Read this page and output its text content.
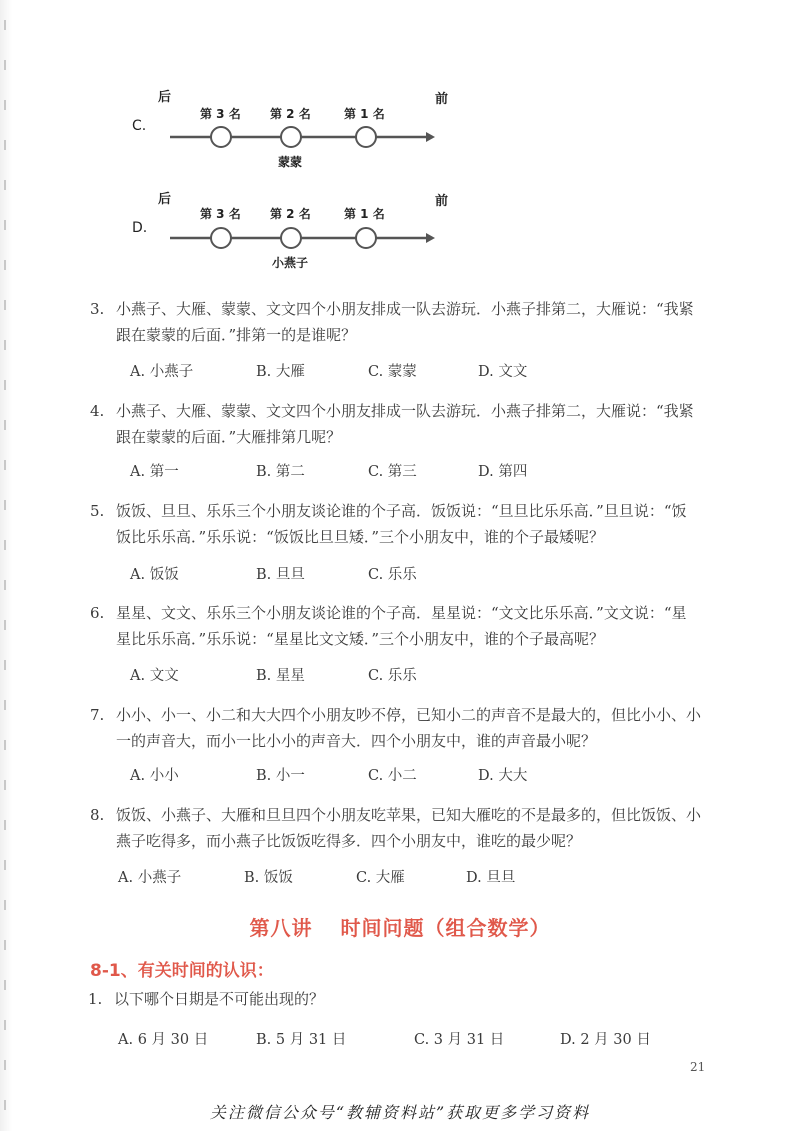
后	前
C.
第 3 名 第 2 名	第 1 名
蒙蒙
后	前
D.
第 3 名 第 2 名	第 1 名
小燕子
3. 小燕子、大雁、蒙蒙、文文四个小朋友排成一队去游玩．小燕子排第二，大雁说：“我紧
跟在蒙蒙的后面．”排第一的是谁呢？
A. 小燕子	B. 大雁	C. 蒙蒙	D. 文文
4. 小燕子、大雁、蒙蒙、文文四个小朋友排成一队去游玩．小燕子排第二，大雁说：“我紧
跟在蒙蒙的后面．”大雁排第几呢？
A. 第一	B. 第二	C. 第三	D. 第四
5. 饭饭、旦旦、乐乐三个小朋友谈论谁的个子高．饭饭说：“旦旦比乐乐高．”旦旦说：“饭
饭比乐乐高．”乐乐说：“饭饭比旦旦矮．”三个小朋友中，谁的个子最矮呢？
A. 饭饭	B. 旦旦	C. 乐乐
6. 星星、文文、乐乐三个小朋友谈论谁的个子高．星星说：“文文比乐乐高．”文文说：“星
星比乐乐高．”乐乐说：“星星比文文矮．”三个小朋友中，谁的个子最高呢？
A. 文文	B. 星星	C. 乐乐
7. 小小、小一、小二和大大四个小朋友吵不停，已知小二的声音不是最大的，但比小小、小
一的声音大，而小一比小小的声音大．四个小朋友中，谁的声音最小呢？
A. 小小	B. 小一	C. 小二	D. 大大
8. 饭饭、小燕子、大雁和旦旦四个小朋友吃苹果，已知大雁吃的不是最多的，但比饭饭、小
燕子吃得多，而小燕子比饭饭吃得多．四个小朋友中，谁吃的最少呢？
A. 小燕子	B. 饭饭	C. 大雁	D. 旦旦
第八讲 时间问题（组合数学）
8-1、有关时间的认识：
1. 以下哪个日期是不可能出现的？
A. 6 月 30 日	B. 5 月 31 日	C. 3 月 31 日	D. 2 月 30 日
21
关注微信公众号“教辅资料站”获取更多学习资料
